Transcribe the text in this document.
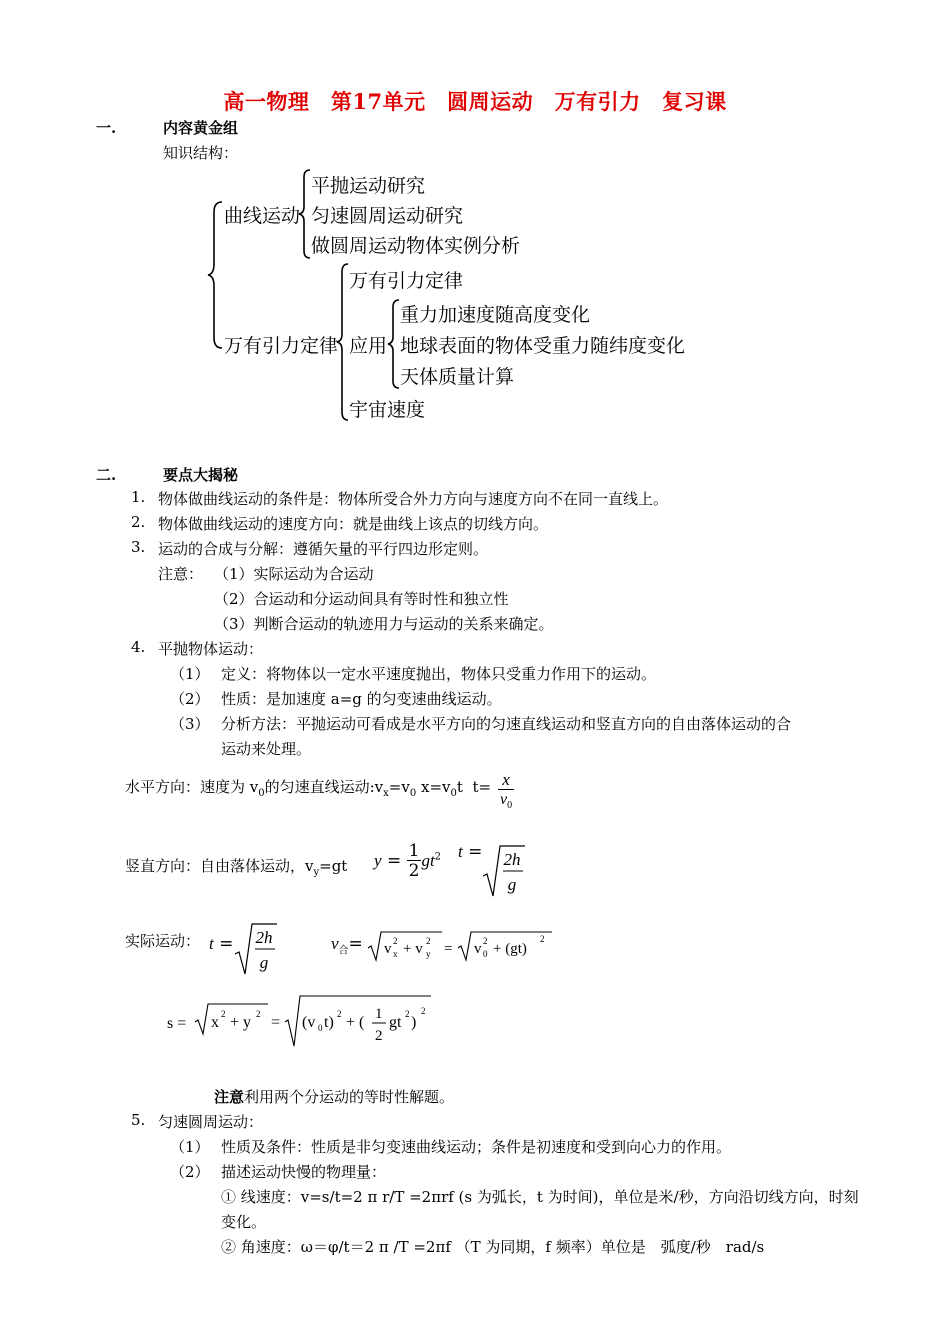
高一物理　第17单元　圆周运动　万有引力　复习课
一.	内容黄金组
知识结构：
曲线运动
平抛运动研究
匀速圆周运动研究
做圆周运动物体实例分析
万有引力定律
万有引力定律
应用
宇宙速度
重力加速度随高度变化
地球表面的物体受重力随纬度变化
天体质量计算
二.	要点大揭秘
1. 物体做曲线运动的条件是：物体所受合外力方向与速度方向不在同一直线上。
2. 物体做曲线运动的速度方向：就是曲线上该点的切线方向。
3. 运动的合成与分解：遵循矢量的平行四边形定则。
注意： （1）实际运动为合运动
（2）合运动和分运动间具有等时性和独立性
（3）判断合运动的轨迹用力与运动的关系来确定。
4. 平抛物体运动：
（1） 定义：将物体以一定水平速度抛出，物体只受重力作用下的运动。
（2） 性质：是加速度 a=g 的匀变速曲线运动。
（3） 分析方法：平抛运动可看成是水平方向的匀速直线运动和竖直方向的自由落体运动的合
运动来处理。
水平方向：速度为 $v_0$的匀速直线运动$:v_x=v_0$ $x=v_0t$  $t= \frac{x}{v_0}$
竖直方向：自由落体运动，$v_y=gt$ $y = \frac{1}{2} gt^2$ t = 2h
g
实际运动： t = 2h
g
$v_合= v$ 2
x + v 2
y = v 2
0 + (gt)
2
s = x 2 + y 2 = (v 0 t) 2 + ( 1
2
gt 2 )
2
注意利用两个分运动的等时性解题。
5. 匀速圆周运动：
（1） 性质及条件：性质是非匀变速曲线运动；条件是初速度和受到向心力的作用。
（2） 描述运动快慢的物理量：
① 线速度：v=s/t=2 π r/T =2πrf (s 为弧长，t 为时间)，单位是米/秒，方向沿切线方向，时刻
变化。
② 角速度：ω＝φ/t＝2 π /T =2πf （T 为同期，f 频率）单位是　弧度/秒　rad/s
